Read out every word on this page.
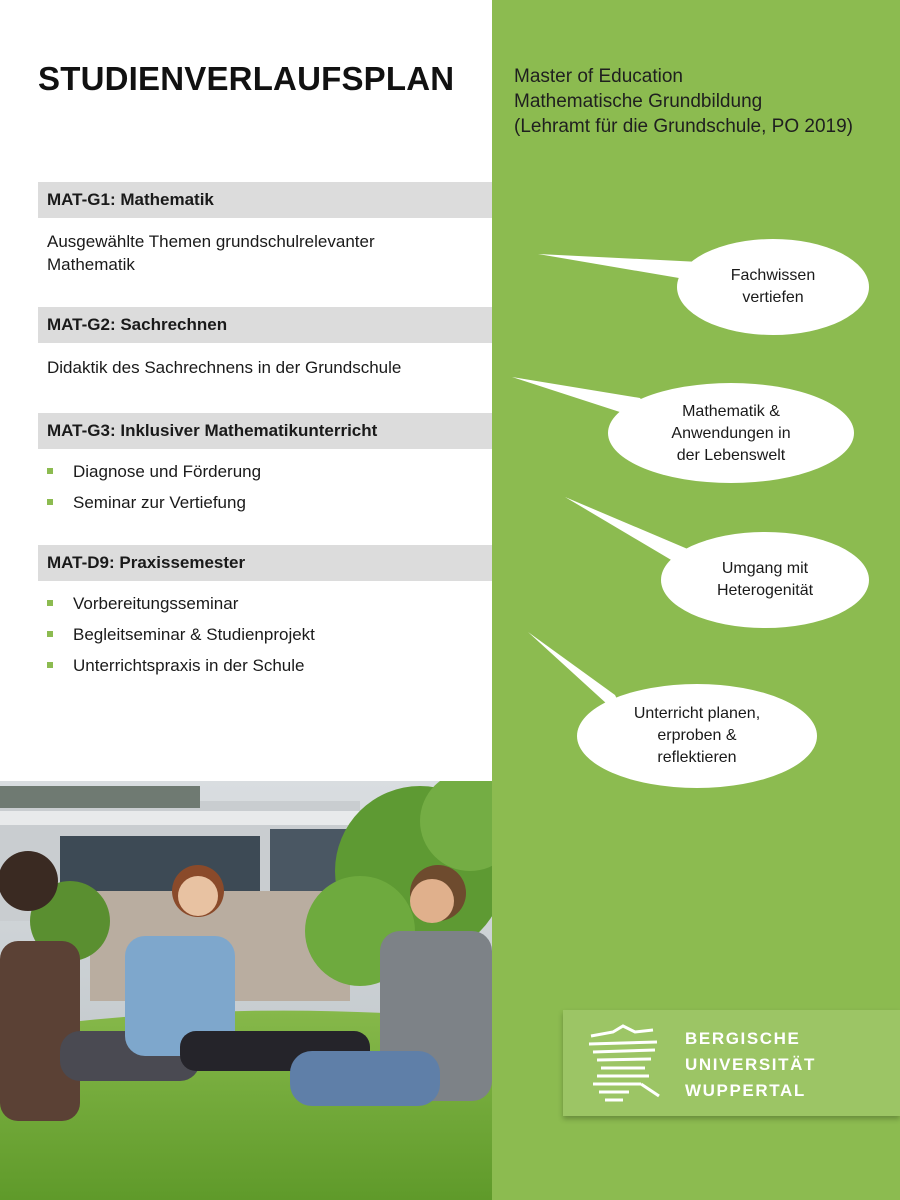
STUDIENVERLAUFSPLAN	Master of Education
Mathematische Grundbildung
(Lehramt für die Grundschule, PO 2019)
MAT-G1: Mathematik
Ausgewählte Themen grundschulrelevanter Mathematik
MAT-G2: Sachrechnen
Didaktik des Sachrechnens in der Grundschule
MAT-G3: Inklusiver Mathematikunterricht
Diagnose und Förderung
Seminar zur Vertiefung
MAT-D9: Praxissemester
Vorbereitungsseminar
Begleitseminar & Studienprojekt
Unterrichtspraxis in der Schule
Fachwissen
vertiefen
Mathematik &
Anwendungen in
der Lebenswelt
Umgang mit
Heterogenität
Unterricht planen,
erproben &
reflektieren
BERGISCHE
UNIVERSITÄT
WUPPERTAL
